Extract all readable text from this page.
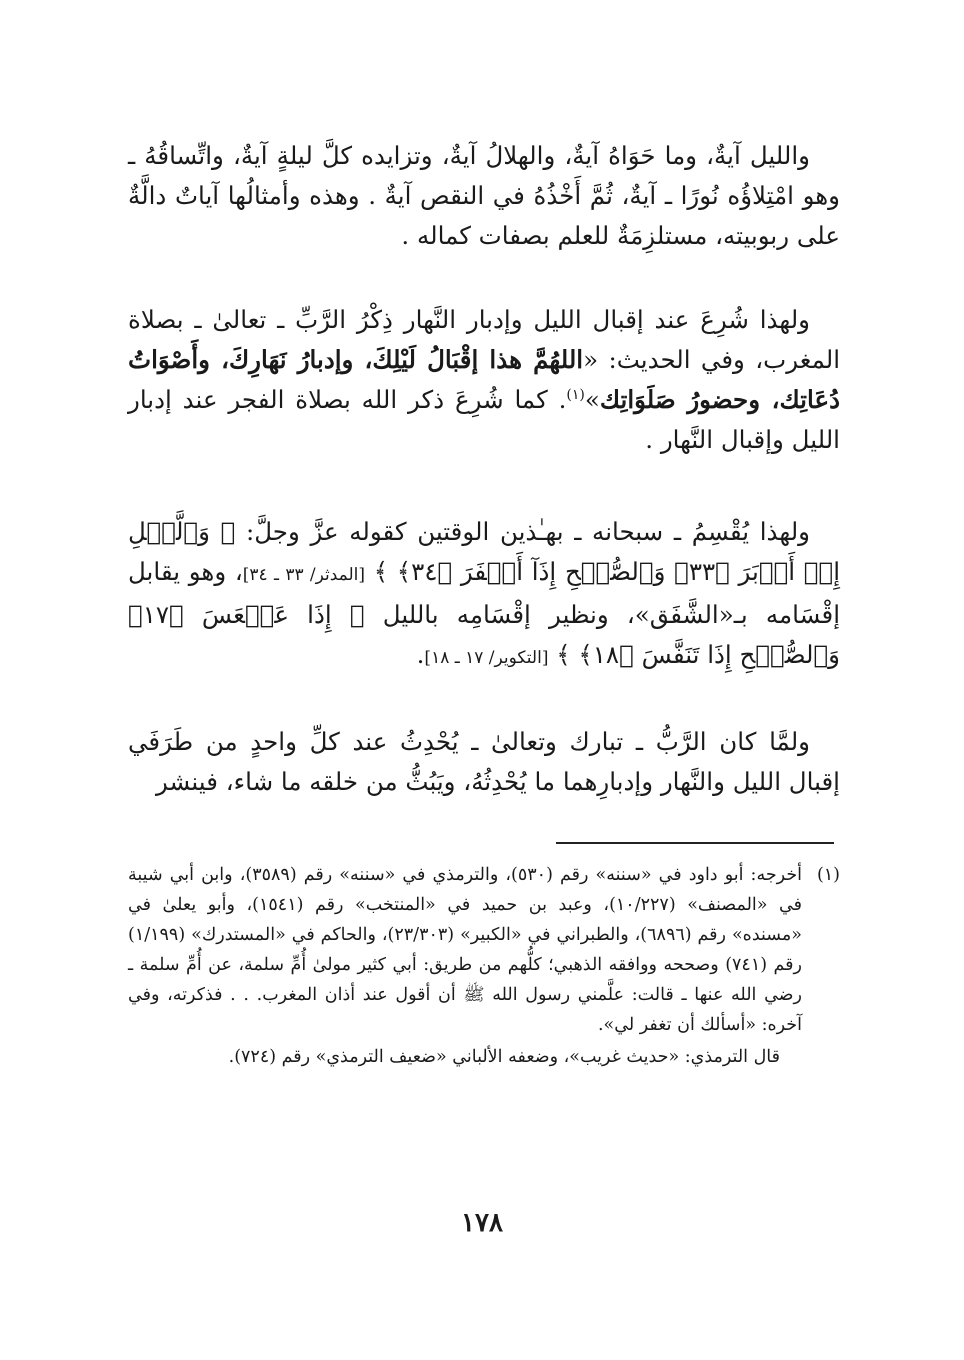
والليل آيةٌ، وما حَوَاهُ آيةٌ، والهلالُ آيةٌ، وتزايده كلَّ ليلةٍ آيةٌ، واتِّساقُهُ ـ وهو امْتِلاؤُه نُورًا ـ آيةٌ، ثُمَّ أَخْذُهُ في النقص آيةٌ . وهذه وأمثالُها آياتٌ دالَّةٌ على ربوبيته، مستلزِمَةٌ للعلم بصفات كماله .

ولهذا شُرِعَ عند إقبال الليل وإدبار النَّهار ذِكْرُ الرَّبِّ ـ تعالىٰ ـ بصلاة المغرب، وفي الحديث: «اللهُمَّ هذا إقْبَالُ لَيْلِكَ، وإدبارُ نَهَارِكَ، وأَصْوَاتُ دُعَاتِك، وحضورُ صَلَوَاتِك»$^{(١)}$. كما شُرِعَ ذكر الله بصلاة الفجر عند إدبار الليل وإقبال النَّهار .

ولهذا يُقْسِمُ ـ سبحانه ـ بهـٰذين الوقتين كقوله عزَّ وجلَّ: ﴿ وَٱلَّيۡلِ إِذۡ أَدۡبَرَ ﴿٣٣﴾ وَٱلصُّبۡحِ إِذَآ أَسۡفَرَ ﴿٣٤﴾ ﴾ [المدثر/ ٣٣ ـ ٣٤]، وهو يقابل إقْسَامه بـ«الشَّفَق»، ونظير إقْسَامِه بالليل ﴿ إِذَا عَسۡعَسَ ﴿١٧﴾ وَٱلصُّبۡحِ إِذَا تَنَفَّسَ ﴿١٨﴾ ﴾ [التكوير/ ١٧ ـ ١٨].

ولمَّا كان الرَّبُّ ـ تبارك وتعالىٰ ـ يُحْدِثُ عند كلِّ واحدٍ من طَرَفَي إقبال الليل والنَّهار وإدبارِهما ما يُحْدِثُهُ، ويَبُثُّ من خلقه ما شاء، فينشر

(١)

أخرجه: أبو داود في «سننه» رقم (٥٣٠)، والترمذي في «سننه» رقم (٣٥٨٩)، وابن أبي شيبة في «المصنف» (١٠/٢٢٧)، وعبد بن حميد في «المنتخب» رقم (١٥٤١)، وأبو يعلىٰ في «مسنده» رقم (٦٨٩٦)، والطبراني في «الكبير» (٢٣/٣٠٣)، والحاكم في «المستدرك» (١/١٩٩) رقم (٧٤١) وصححه ووافقه الذهبي؛ كلُّهم من طريق: أبي كثير مولىٰ أُمِّ سلمة، عن أُمِّ سلمة ـ رضي الله عنها ـ قالت: علَّمني رسول الله ﷺ أن أقول عند أذان المغرب. . . فذكرته، وفي آخره: «أسألك أن تغفر لي».

قال الترمذي: «حديث غريب»، وضعفه الألباني «ضعيف الترمذي» رقم (٧٢٤).

١٧٨
